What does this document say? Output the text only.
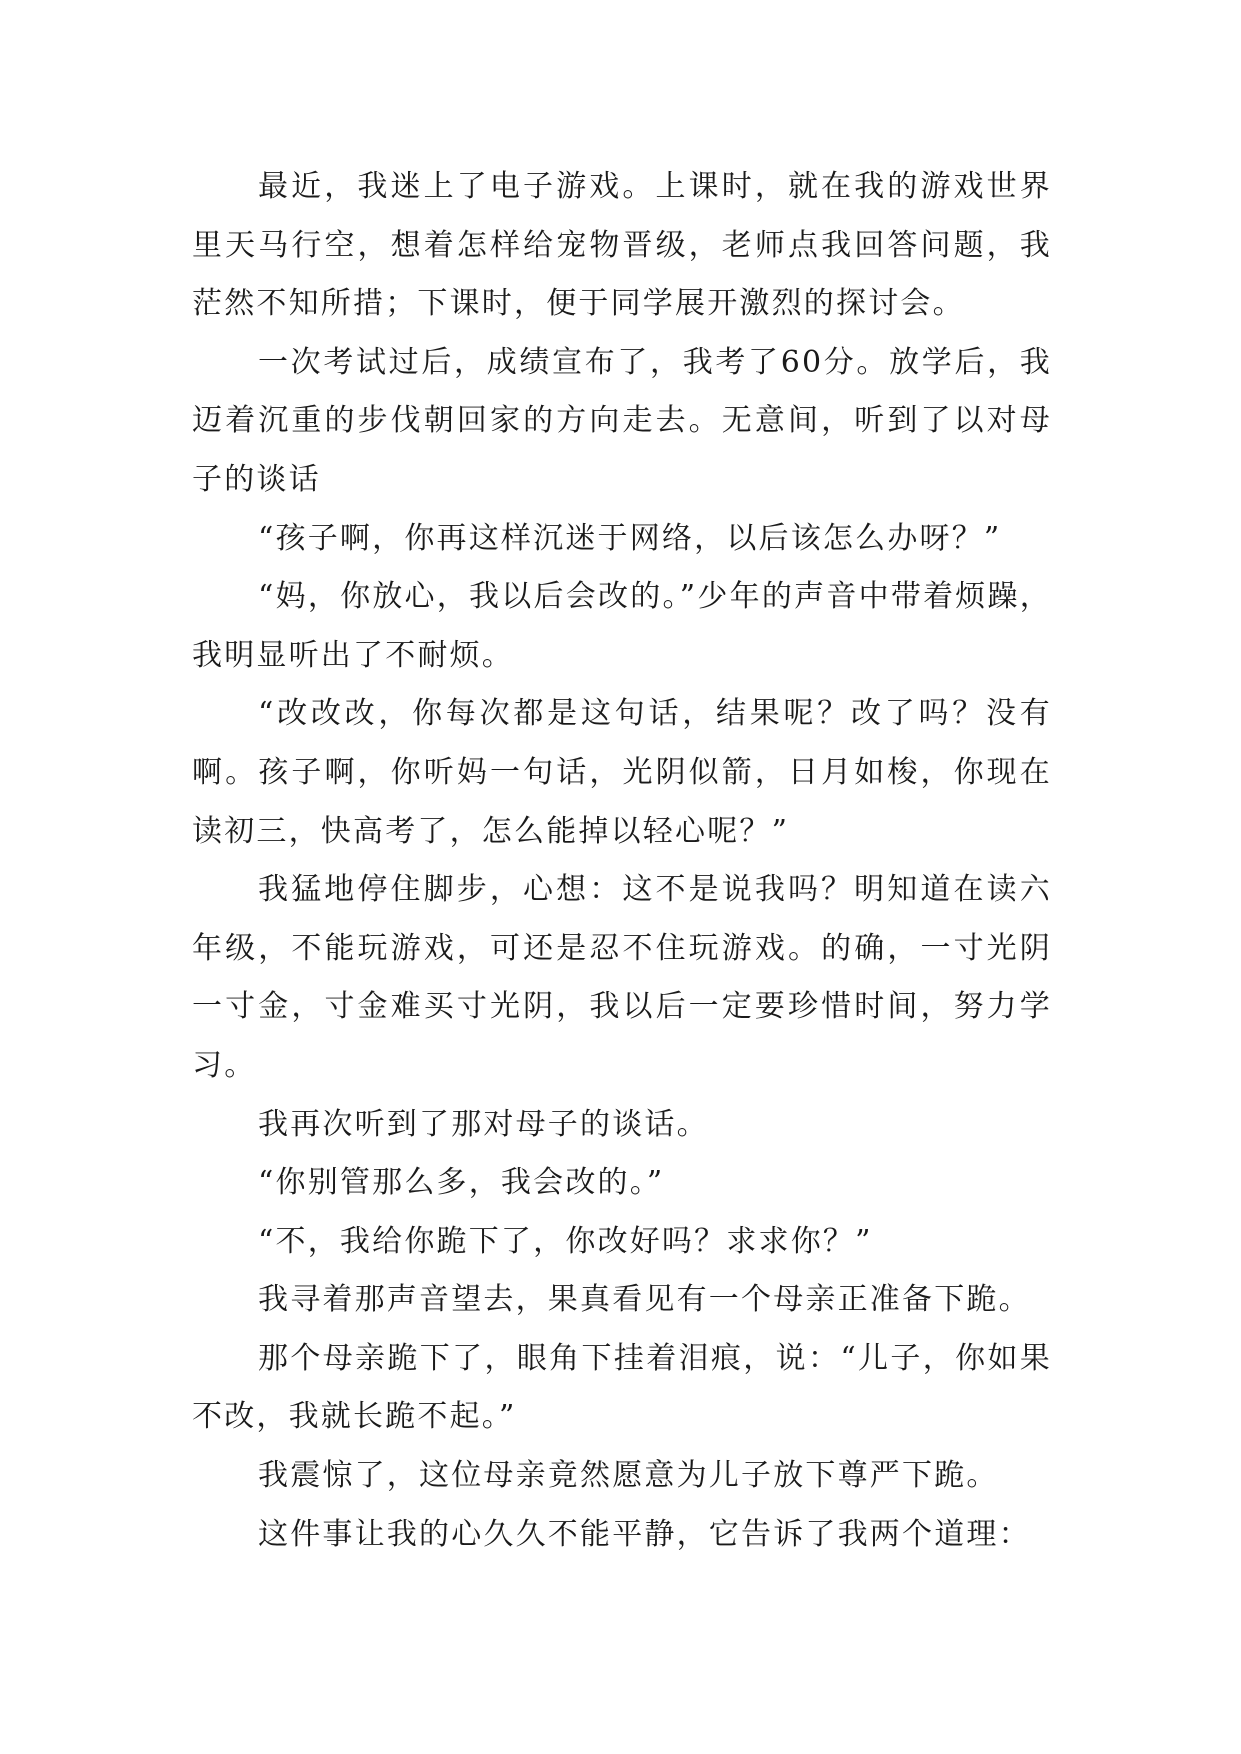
最近，我迷上了电子游戏。上课时，就在我的游戏世界里天马行空，想着怎样给宠物晋级，老师点我回答问题，我茫然不知所措；下课时，便于同学展开激烈的探讨会。

一次考试过后，成绩宣布了，我考了60分。放学后，我迈着沉重的步伐朝回家的方向走去。无意间，听到了以对母子的谈话

“孩子啊，你再这样沉迷于网络，以后该怎么办呀？”

“妈，你放心，我以后会改的。”少年的声音中带着烦躁，我明显听出了不耐烦。

“改改改，你每次都是这句话，结果呢？改了吗？没有啊。孩子啊，你听妈一句话，光阴似箭，日月如梭，你现在读初三，快高考了，怎么能掉以轻心呢？”

我猛地停住脚步，心想：这不是说我吗？明知道在读六年级，不能玩游戏，可还是忍不住玩游戏。的确，一寸光阴一寸金，寸金难买寸光阴，我以后一定要珍惜时间，努力学习。

我再次听到了那对母子的谈话。

“你别管那么多，我会改的。”

“不，我给你跪下了，你改好吗？求求你？”

我寻着那声音望去，果真看见有一个母亲正准备下跪。

那个母亲跪下了，眼角下挂着泪痕，说：“儿子，你如果不改，我就长跪不起。”

我震惊了，这位母亲竟然愿意为儿子放下尊严下跪。

这件事让我的心久久不能平静，它告诉了我两个道理：
